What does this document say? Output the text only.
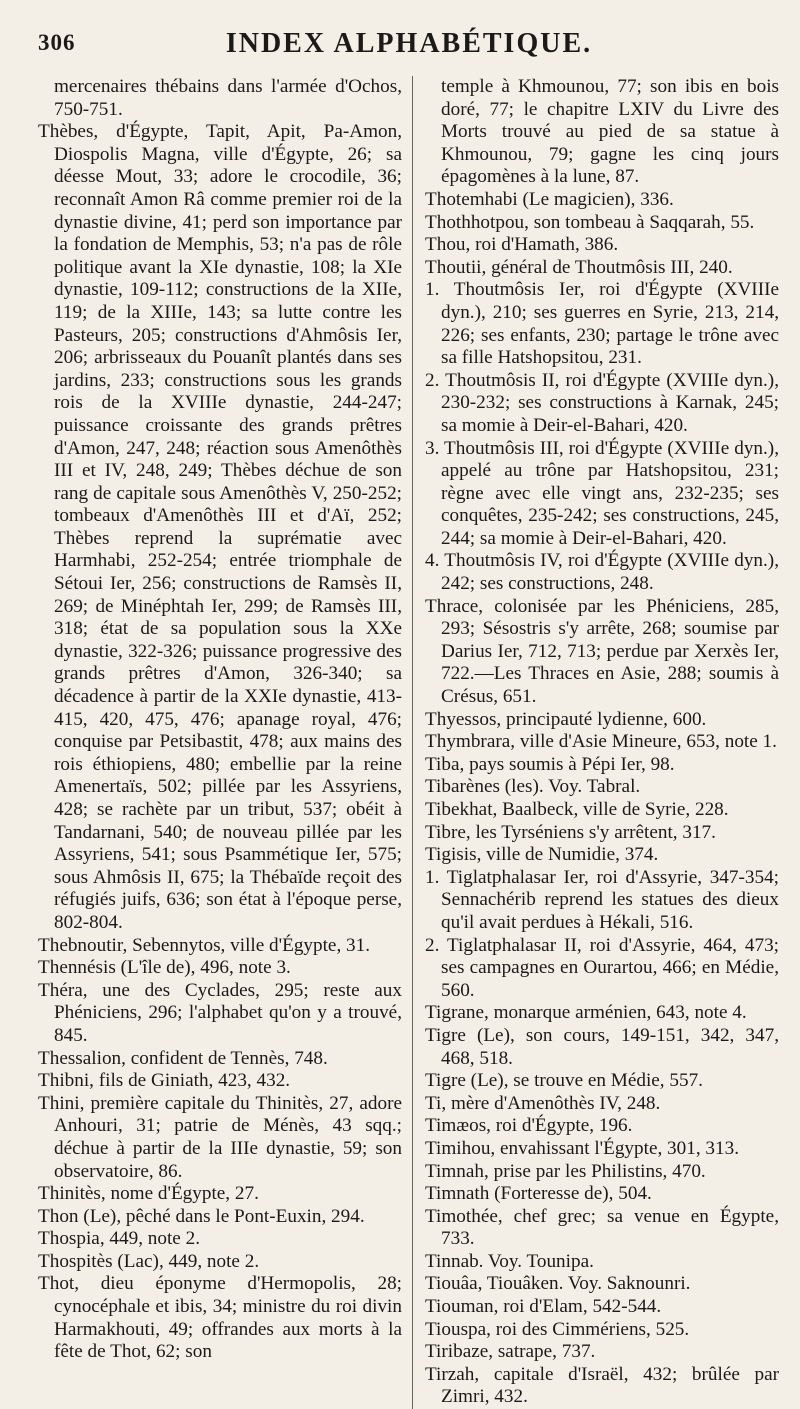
306	INDEX ALPHABÉTIQUE.

mercenaires thébains dans l'armée d'Ochos, 750-751.

Thèbes, d'Égypte, Tapit, Apit, Pa-Amon, Diospolis Magna, ville d'Égypte, 26; sa déesse Mout, 33; adore le crocodile, 36; reconnaît Amon Râ comme premier roi de la dynastie divine, 41; perd son importance par la fondation de Memphis, 53; n'a pas de rôle politique avant la XIe dynastie, 108; la XIe dynastie, 109-112; constructions de la XIIe, 119; de la XIIIe, 143; sa lutte contre les Pasteurs, 205; constructions d'Ahmôsis Ier, 206; arbrisseaux du Pouanît plantés dans ses jardins, 233; constructions sous les grands rois de la XVIIIe dynastie, 244-247; puissance croissante des grands prêtres d'Amon, 247, 248; réaction sous Amenôthès III et IV, 248, 249; Thèbes déchue de son rang de capitale sous Amenôthès V, 250-252; tombeaux d'Amenôthès III et d'Aï, 252; Thèbes reprend la suprématie avec Harmhabi, 252-254; entrée triomphale de Sétoui Ier, 256; constructions de Ramsès II, 269; de Minéphtah Ier, 299; de Ramsès III, 318; état de sa population sous la XXe dynastie, 322-326; puissance progressive des grands prêtres d'Amon, 326-340; sa décadence à partir de la XXIe dynastie, 413-415, 420, 475, 476; apanage royal, 476; conquise par Petsibastit, 478; aux mains des rois éthiopiens, 480; embellie par la reine Amenertaïs, 502; pillée par les Assyriens, 428; se rachète par un tribut, 537; obéit à Tandarnani, 540; de nouveau pillée par les Assyriens, 541; sous Psammétique Ier, 575; sous Ahmôsis II, 675; la Thébaïde reçoit des réfugiés juifs, 636; son état à l'époque perse, 802-804.

Thebnoutir, Sebennytos, ville d'Égypte, 31.

Thennésis (L'île de), 496, note 3.

Théra, une des Cyclades, 295; reste aux Phéniciens, 296; l'alphabet qu'on y a trouvé, 845.

Thessalion, confident de Tennès, 748.

Thibni, fils de Giniath, 423, 432.

Thini, première capitale du Thinitès, 27, adore Anhouri, 31; patrie de Ménès, 43 sqq.; déchue à partir de la IIIe dynastie, 59; son observatoire, 86.

Thinitès, nome d'Égypte, 27.

Thon (Le), pêché dans le Pont-Euxin, 294.

Thospia, 449, note 2.

Thospitès (Lac), 449, note 2.

Thot, dieu éponyme d'Hermopolis, 28; cynocéphale et ibis, 34; ministre du roi divin Harmakhouti, 49; offrandes aux morts à la fête de Thot, 62; son

temple à Khmounou, 77; son ibis en bois doré, 77; le chapitre LXIV du Livre des Morts trouvé au pied de sa statue à Khmounou, 79; gagne les cinq jours épagomènes à la lune, 87.

Thotemhabi (Le magicien), 336.

Thothhotpou, son tombeau à Saqqarah, 55.

Thou, roi d'Hamath, 386.

Thoutii, général de Thoutmôsis III, 240.

1. Thoutmôsis Ier, roi d'Égypte (XVIIIe dyn.), 210; ses guerres en Syrie, 213, 214, 226; ses enfants, 230; partage le trône avec sa fille Hatshopsitou, 231.

2. Thoutmôsis II, roi d'Égypte (XVIIIe dyn.), 230-232; ses constructions à Karnak, 245; sa momie à Deir-el-Bahari, 420.

3. Thoutmôsis III, roi d'Égypte (XVIIIe dyn.), appelé au trône par Hatshopsitou, 231; règne avec elle vingt ans, 232-235; ses conquêtes, 235-242; ses constructions, 245, 244; sa momie à Deir-el-Bahari, 420.

4. Thoutmôsis IV, roi d'Égypte (XVIIIe dyn.), 242; ses constructions, 248.

Thrace, colonisée par les Phéniciens, 285, 293; Sésostris s'y arrête, 268; soumise par Darius Ier, 712, 713; perdue par Xerxès Ier, 722.—Les Thraces en Asie, 288; soumis à Crésus, 651.

Thyessos, principauté lydienne, 600.

Thymbrara, ville d'Asie Mineure, 653, note 1.

Tiba, pays soumis à Pépi Ier, 98.

Tibarènes (les). Voy. Tabral.

Tibekhat, Baalbeck, ville de Syrie, 228.

Tibre, les Tyrséniens s'y arrêtent, 317.

Tigisis, ville de Numidie, 374.

1. Tiglatphalasar Ier, roi d'Assyrie, 347-354; Sennachérib reprend les statues des dieux qu'il avait perdues à Hékali, 516.

2. Tiglatphalasar II, roi d'Assyrie, 464, 473; ses campagnes en Ourartou, 466; en Médie, 560.

Tigrane, monarque arménien, 643, note 4.

Tigre (Le), son cours, 149-151, 342, 347, 468, 518.

Tigre (Le), se trouve en Médie, 557.

Ti, mère d'Amenôthès IV, 248.

Timæos, roi d'Égypte, 196.

Timihou, envahissant l'Égypte, 301, 313.

Timnah, prise par les Philistins, 470.

Timnath (Forteresse de), 504.

Timothée, chef grec; sa venue en Égypte, 733.

Tinnab. Voy. Tounipa.

Tiouâa, Tiouâken. Voy. Saknounri.

Tiouman, roi d'Elam, 542-544.

Tiouspa, roi des Cimmériens, 525.

Tiribaze, satrape, 737.

Tirzah, capitale d'Israël, 432; brûlée par Zimri, 432.
